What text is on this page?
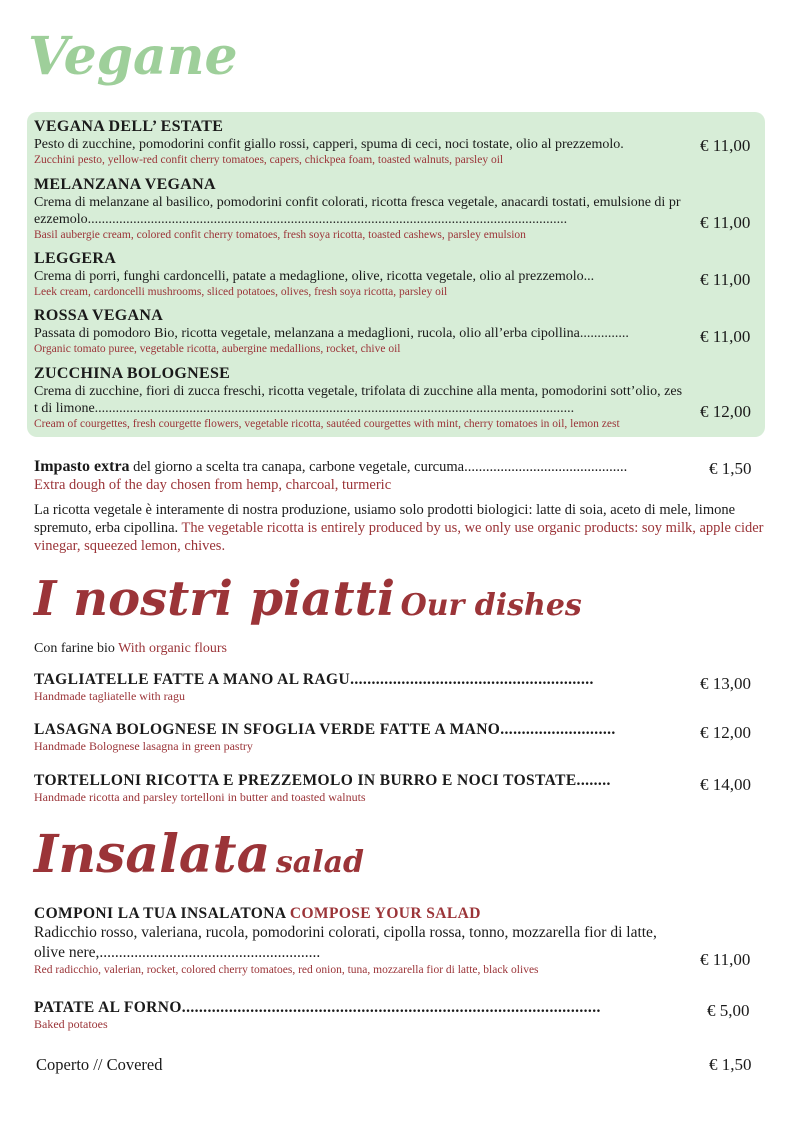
Vegane

VEGANA DELL’ ESTATE

Pesto di zucchine, pomodorini confit giallo rossi, capperi, spuma di ceci, noci tostate, olio al prezzemolo.

Zucchini pesto, yellow-red confit cherry tomatoes, capers, chickpea foam, toasted walnuts, parsley oil

€ 11,00

MELANZANA VEGANA

Crema di melanzane al basilico, pomodorini confit colorati, ricotta fresca vegetale, anacardi tostati, emulsione di prezzemolo.........................................................................................................................................

Basil aubergie cream, colored confit cherry tomatoes, fresh soya ricotta, toasted cashews, parsley emulsion

€ 11,00

LEGGERA

Crema di porri, funghi cardoncelli, patate a medaglione, olive, ricotta vegetale, olio al prezzemolo...

Leek cream, cardoncelli mushrooms, sliced potatoes, olives, fresh soya ricotta, parsley oil

€ 11,00

ROSSA VEGANA

Passata di pomodoro Bio, ricotta vegetale, melanzana a medaglioni, rucola, olio all’erba cipollina..............

Organic tomato puree, vegetable ricotta, aubergine medallions, rocket, chive oil

€ 11,00

ZUCCHINA BOLOGNESE

Crema di zucchine, fiori di zucca freschi, ricotta vegetale, trifolata di zucchine alla menta, pomodorini sott’olio, zest di limone.........................................................................................................................................

Cream of courgettes, fresh courgette flowers, vegetable ricotta, sautéed courgettes with mint, cherry tomatoes in oil, lemon zest

€ 12,00

Impasto extra del giorno a scelta tra canapa, carbone vegetale, curcuma.............................................

Extra dough of the day chosen from hemp, charcoal, turmeric

€ 1,50

La ricotta vegetale è interamente di nostra produzione, usiamo solo prodotti biologici: latte di soia, aceto di mele, limone spremuto, erba cipollina. The vegetable ricotta is entirely produced by us, we only use organic products: soy milk, apple cider vinegar, squeezed lemon, chives.

I nostri piatti Our dishes
Con farine bio With organic flours

TAGLIATELLE FATTE A MANO AL RAGU.........................................................

Handmade tagliatelle with ragu

€ 13,00

LASAGNA BOLOGNESE IN SFOGLIA VERDE FATTE A MANO...........................

Handmade Bolognese lasagna in green pastry

€ 12,00

TORTELLONI RICOTTA E PREZZEMOLO IN BURRO E NOCI TOSTATE........

Handmade ricotta and parsley tortelloni in butter and toasted walnuts

€ 14,00
Insalata salad

COMPONI LA TUA INSALATONA COMPOSE YOUR SALAD

Radicchio rosso, valeriana, rucola, pomodorini colorati, cipolla rossa, tonno, mozzarella fior di latte, olive nere,.........................................................

Red radicchio, valerian, rocket, colored cherry tomatoes, red onion, tuna, mozzarella fior di latte, black olives

€ 11,00

PATATE AL FORNO..................................................................................................

Baked potatoes

€ 5,00
Coperto // Covered	€ 1,50
